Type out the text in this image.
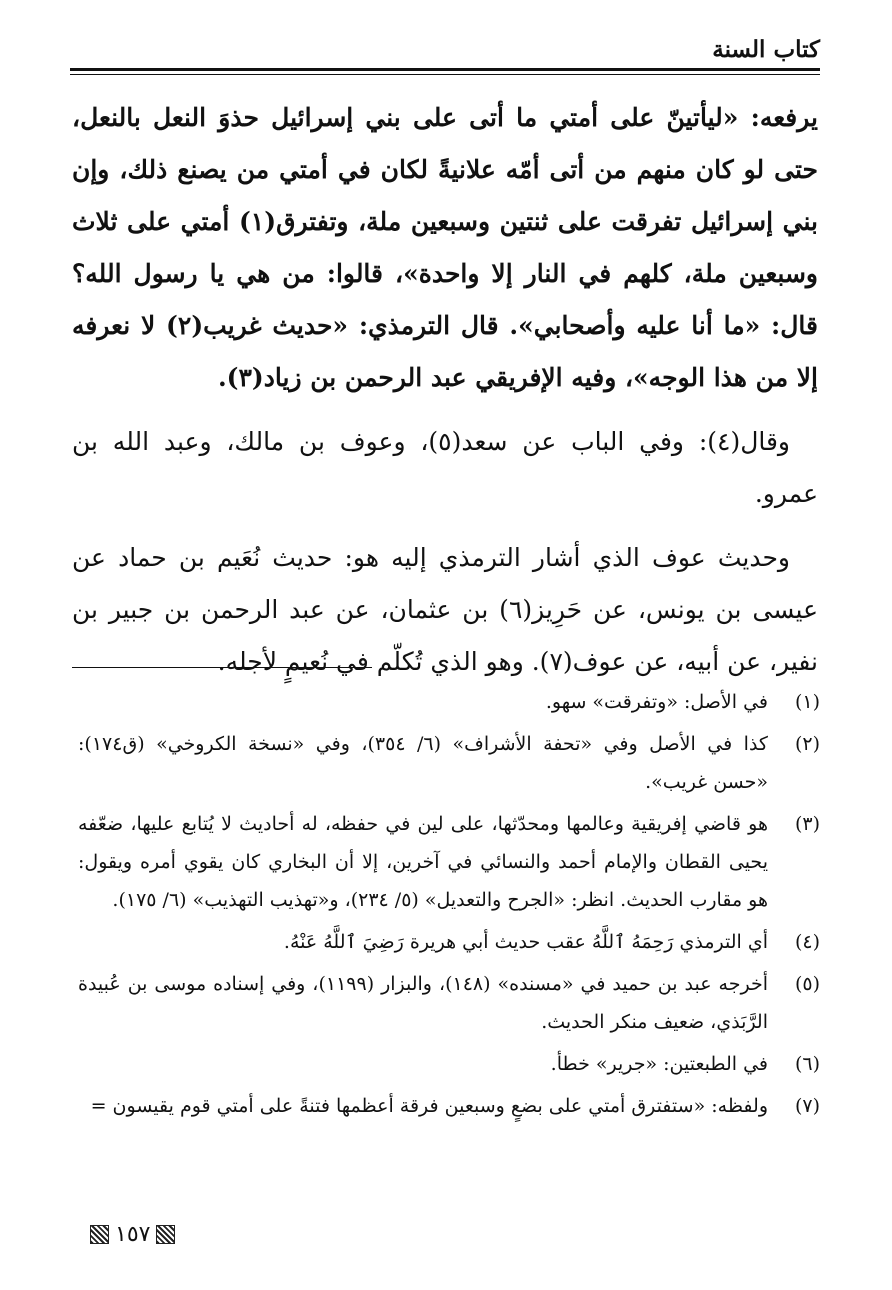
كتاب السنة

يرفعه: «ليأتينّ على أمتي ما أتى على بني إسرائيل حذوَ النعل بالنعل، حتى لو كان منهم من أتى أمّه علانيةً لكان في أمتي من يصنع ذلك، وإن بني إسرائيل تفرقت على ثنتين وسبعين ملة، وتفترق(١) أمتي على ثلاث وسبعين ملة، كلهم في النار إلا واحدة»، قالوا: من هي يا رسول الله؟ قال: «ما أنا عليه وأصحابي». قال الترمذي: «حديث غريب(٢) لا نعرفه إلا من هذا الوجه»، وفيه الإفريقي عبد الرحمن بن زياد(٣).

وقال(٤): وفي الباب عن سعد(٥)، وعوف بن مالك، وعبد الله بن عمرو.

وحديث عوف الذي أشار الترمذي إليه هو: حديث نُعَيم بن حماد عن عيسى بن يونس، عن حَرِيز(٦) بن عثمان، عن عبد الرحمن بن جبير بن نفير، عن أبيه، عن عوف(٧). وهو الذي تُكلّم في نُعيمٍ لأجله.

(١)
في الأصل: «وتفرقت» سهو.
(٢)
كذا في الأصل وفي «تحفة الأشراف» (٦/ ٣٥٤)، وفي «نسخة الكروخي» (ق١٧٤): «حسن غريب».
(٣)
هو قاضي إفريقية وعالمها ومحدّثها، على لين في حفظه، له أحاديث لا يُتابع عليها، ضعّفه يحيى القطان والإمام أحمد والنسائي في آخرين، إلا أن البخاري كان يقوي أمره ويقول: هو مقارب الحديث. انظر: «الجرح والتعديل» (٥/ ٢٣٤)، و«تهذيب التهذيب» (٦/ ١٧٥).
(٤)
أي الترمذي رَحِمَهُ ٱللَّهُ عقب حديث أبي هريرة رَضِيَ ٱللَّهُ عَنْهُ.
(٥)
أخرجه عبد بن حميد في «مسنده» (١٤٨)، والبزار (١١٩٩)، وفي إسناده موسى بن عُبيدة الرَّبَذي، ضعيف منكر الحديث.
(٦)
في الطبعتين: «جرير» خطأ.
(٧)
ولفظه: «ستفترق أمتي على بضعٍ وسبعين فرقة أعظمها فتنةً على أمتي قوم يقيسون =
١٥٧
